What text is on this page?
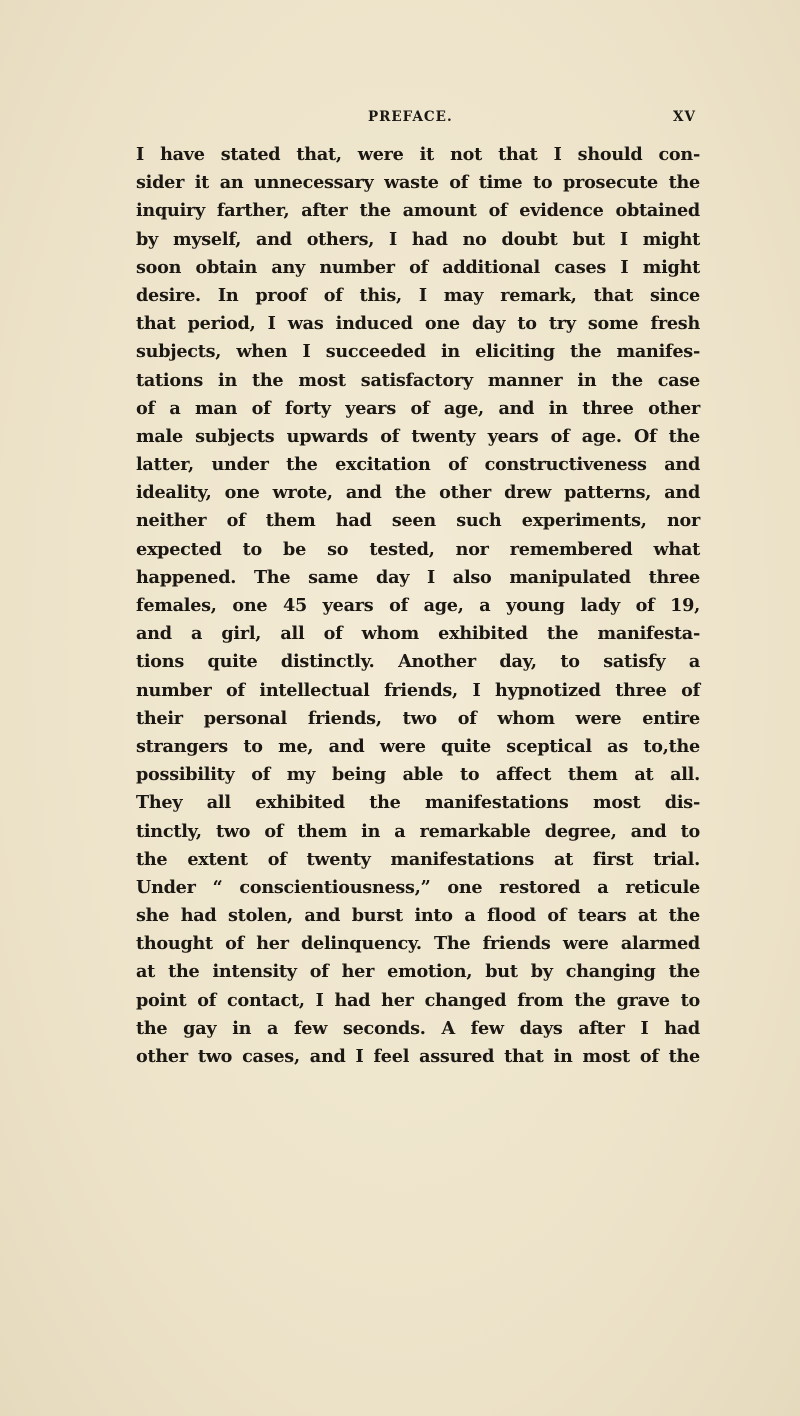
PREFACE.	XV
I have stated that, were it not that I should con-
sider it an unnecessary waste of time to prosecute the
inquiry farther, after the amount of evidence obtained
by myself, and others, I had no doubt but I might
soon obtain any number of additional cases I might
desire. In proof of this, I may remark, that since
that period, I was induced one day to try some fresh
subjects, when I succeeded in eliciting the manifes-
tations in the most satisfactory manner in the case
of a man of forty years of age, and in three other
male subjects upwards of twenty years of age. Of the
latter, under the excitation of constructiveness and
ideality, one wrote, and the other drew patterns, and
neither of them had seen such experiments, nor
expected to be so tested, nor remembered what
happened. The same day I also manipulated three
females, one 45 years of age, a young lady of 19,
and a girl, all of whom exhibited the manifesta-
tions quite distinctly. Another day, to satisfy a
number of intellectual friends, I hypnotized three of
their personal friends, two of whom were entire
strangers to me, and were quite sceptical as to,the
possibility of my being able to affect them at all.
They all exhibited the manifestations most dis-
tinctly, two of them in a remarkable degree, and to
the extent of twenty manifestations at first trial.
Under “ conscientiousness,” one restored a reticule
she had stolen, and burst into a flood of tears at the
thought of her delinquency. The friends were alarmed
at the intensity of her emotion, but by changing the
point of contact, I had her changed from the grave to
the gay in a few seconds. A few days after I had
other two cases, and I feel assured that in most of the
